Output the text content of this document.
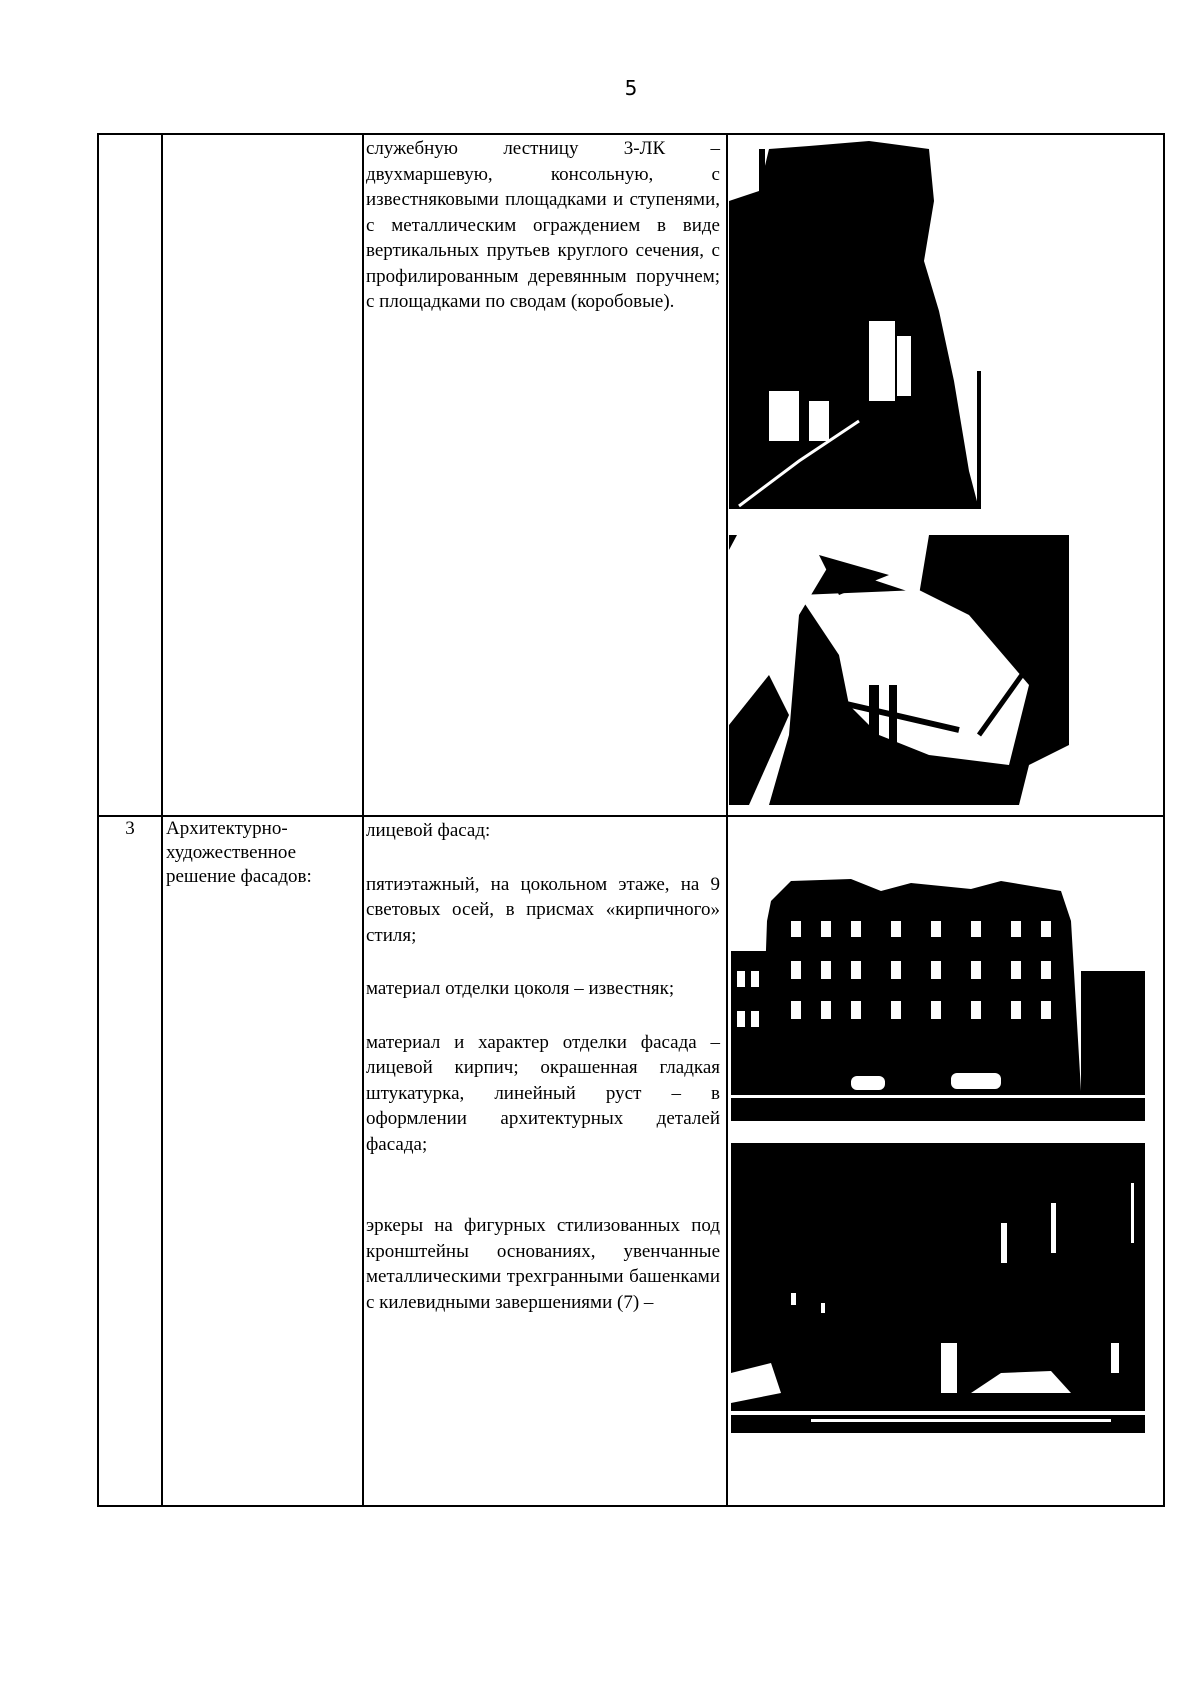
5

служебную лестницу 3-ЛК – двухмаршевую, консольную, с известняковыми площадками и ступенями, с металлическим ограждением в виде вертикальных прутьев круглого сечения, с профилированным деревянным поручнем; с площадками по сводам (коробовые).

3	Архитектурно-художественное решение фасадов:

лицевой фасад:

пятиэтажный, на цокольном этаже, на 9 световых осей, в присмах «кирпичного» стиля;

материал отделки цоколя – известняк;

материал и характер отделки фасада – лицевой кирпич; окрашенная гладкая штукатурка, линейный руст – в оформлении архитектурных деталей фасада;

эркеры на фигурных стилизованных под кронштейны основаниях, увенчанные металлическими трехгранными башенками с килевидными завершениями (7) –
